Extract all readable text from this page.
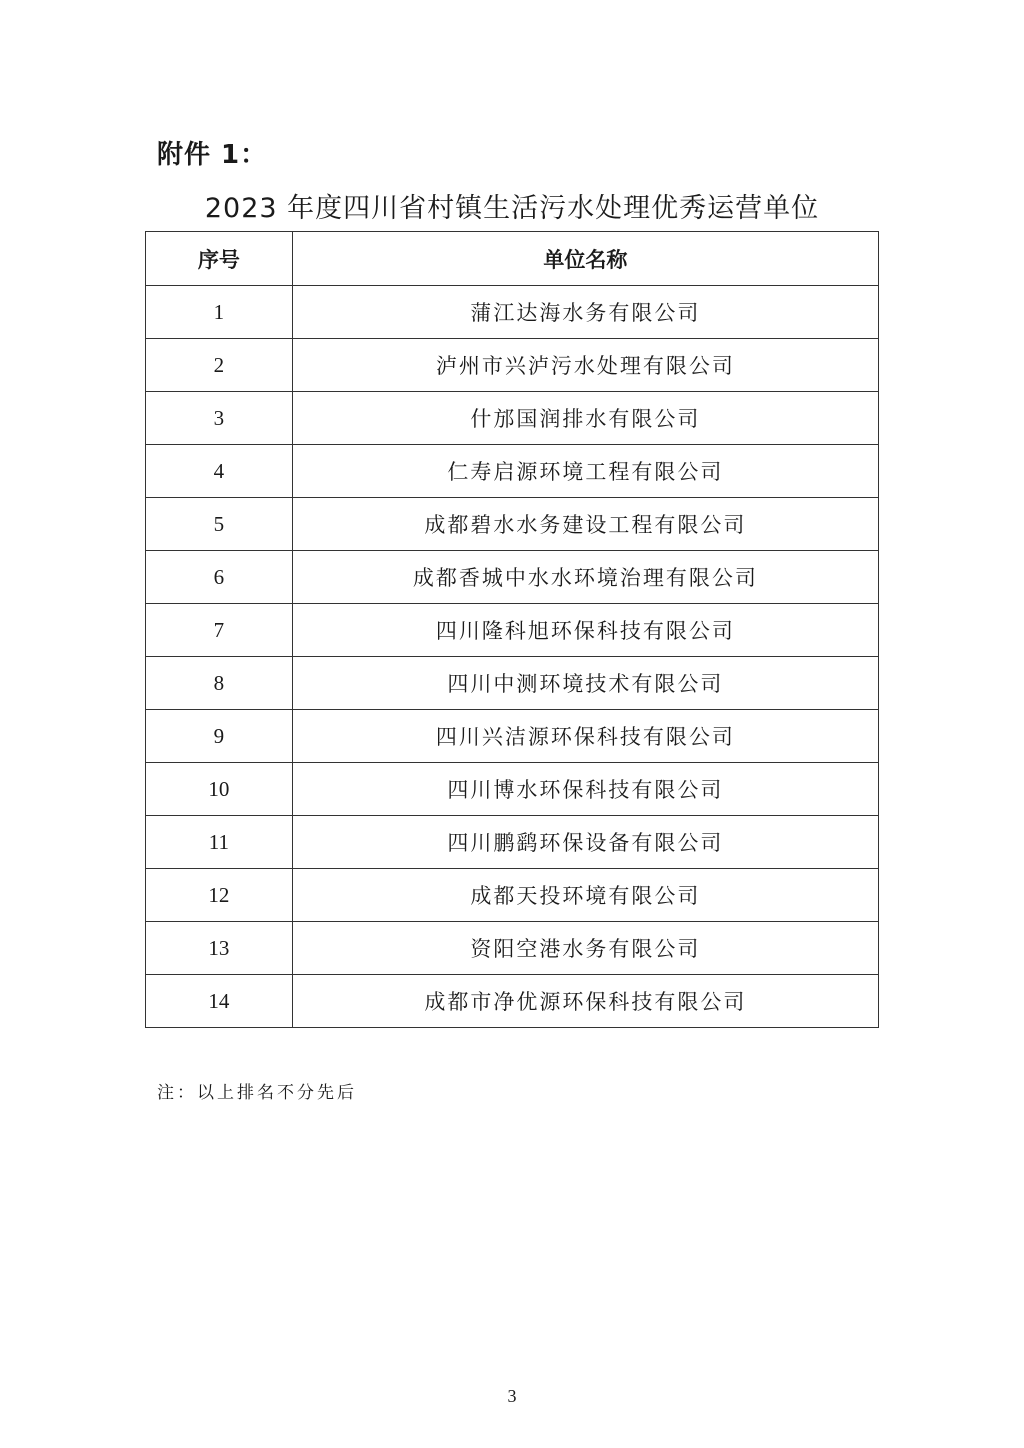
附件 1：

2023 年度四川省村镇生活污水处理优秀运营单位
序号	单位名称
1	蒲江达海水务有限公司
2	泸州市兴泸污水处理有限公司
3	什邡国润排水有限公司
4	仁寿启源环境工程有限公司
5	成都碧水水务建设工程有限公司
6	成都香城中水水环境治理有限公司
7	四川隆科旭环保科技有限公司
8	四川中测环境技术有限公司
9	四川兴洁源环保科技有限公司
10	四川博水环保科技有限公司
11	四川鹏鹞环保设备有限公司
12	成都天投环境有限公司
13	资阳空港水务有限公司
14	成都市净优源环保科技有限公司

注：以上排名不分先后

3
